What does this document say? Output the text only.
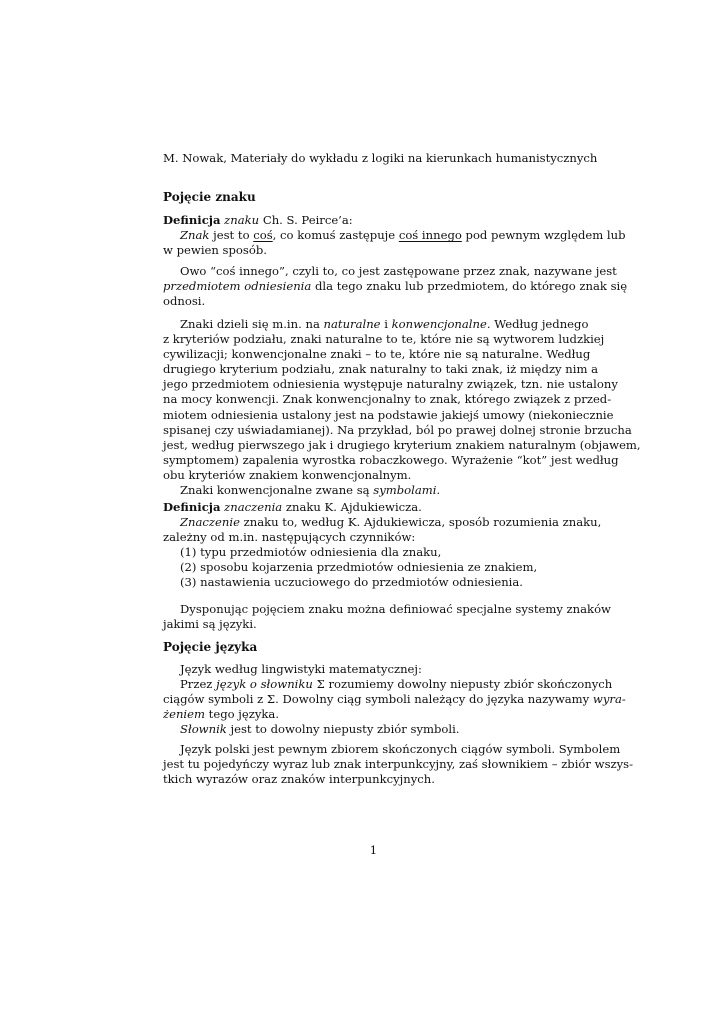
M. Nowak, Materiały do wykładu z logiki na kierunkach humanistycznych
Pojęcie znaku
Definicja znaku Ch. S. Peirce’a:
Znak jest to coś, co komuś zastępuje coś innego pod pewnym względem lub
w pewien sposób.
Owo “coś innego”, czyli to, co jest zastępowane przez znak, nazywane jest
przedmiotem odniesienia dla tego znaku lub przedmiotem, do którego znak się
odnosi.
Znaki dzieli się m.in. na naturalne i konwencjonalne. Według jednego
z kryteriów podziału, znaki naturalne to te, które nie są wytworem ludzkiej
cywilizacji; konwencjonalne znaki – to te, które nie są naturalne. Według
drugiego kryterium podziału, znak naturalny to taki znak, iż między nim a
jego przedmiotem odniesienia występuje naturalny związek, tzn. nie ustalony
na mocy konwencji. Znak konwencjonalny to znak, którego związek z przed-
miotem odniesienia ustalony jest na podstawie jakiejś umowy (niekoniecznie
spisanej czy uświadamianej). Na przykład, ból po prawej dolnej stronie brzucha
jest, według pierwszego jak i drugiego kryterium znakiem naturalnym (objawem,
symptomem) zapalenia wyrostka robaczkowego. Wyrażenie “kot” jest według
obu kryteriów znakiem konwencjonalnym.
Znaki konwencjonalne zwane są symbolami.
Definicja znaczenia znaku K. Ajdukiewicza.
Znaczenie znaku to, według K. Ajdukiewicza, sposób rozumienia znaku,
zależny od m.in. następujących czynników:
(1) typu przedmiotów odniesienia dla znaku,
(2) sposobu kojarzenia przedmiotów odniesienia ze znakiem,
(3) nastawienia uczuciowego do przedmiotów odniesienia.
Dysponując pojęciem znaku można definiować specjalne systemy znaków
jakimi są języki.
Pojęcie języka
Język według lingwistyki matematycznej:
Przez język o słowniku Σ rozumiemy dowolny niepusty zbiór skończonych
ciągów symboli z Σ. Dowolny ciąg symboli należący do języka nazywamy wyra-
żeniem tego języka.
Słownik jest to dowolny niepusty zbiór symboli.
Język polski jest pewnym zbiorem skończonych ciągów symboli. Symbolem
jest tu pojedyńczy wyraz lub znak interpunkcyjny, zaś słownikiem – zbiór wszys-
tkich wyrazów oraz znaków interpunkcyjnych.
1
